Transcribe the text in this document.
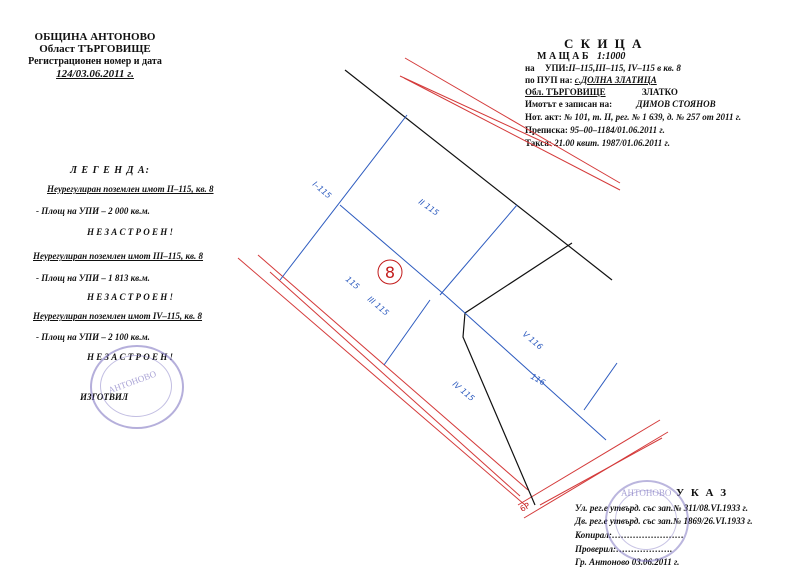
ОБЩИНА АНТОНОВО
Област ТЪРГОВИЩЕ
Регистрационен номер и дата
124/03.06.2011 г.
С К И Ц А
М А Щ А Б 1:1000
на УПИ:II–115,III–115, IV–115 в кв. 8
по ПУП на: с.ДОЛНА ЗЛАТИЦА
Обл. ТЪРГОВИЩЕ	ЗЛАТКО
Имотът е записан на:	ДИМОВ СТОЯНОВ
Нот. акт: № 101, т. II, рег. № 1 639, д. № 257 от 2011 г.
Преписка: 95–00–1184/01.06.2011 г.
Такса: 21.00 квит. 1987/01.06.2011 г.
Л Е Г Е Н Д А:
Неурегулиран поземлен имот II–115, кв. 8
- Площ на УПИ – 2 000 кв.м.
Н Е З А С Т Р О Е Н !
Неурегулиран поземлен имот III–115, кв. 8
- Площ на УПИ – 1 813 кв.м.
Н Е З А С Т Р О Е Н !
Неурегулиран поземлен имот IV–115, кв. 8
- Площ на УПИ – 2 100 кв.м.
Н Е З А С Т Р О Е Н !
ИЗГОТВИЛ
У К А З
Ул. рег.е утвърд. със зап.№ 311/08.VI.1933 г.
Дв. рег.е утвърд. със зап.№ 1869/26.VI.1933 г.
Копирал:……………………
Проверил:……………….
Гр. Антоново 03.06.2011 г.
8
I–115
II 115
115
III 115
IV 115
V 116
116
6Р
АНТОНОВО
АНТОНОВО
